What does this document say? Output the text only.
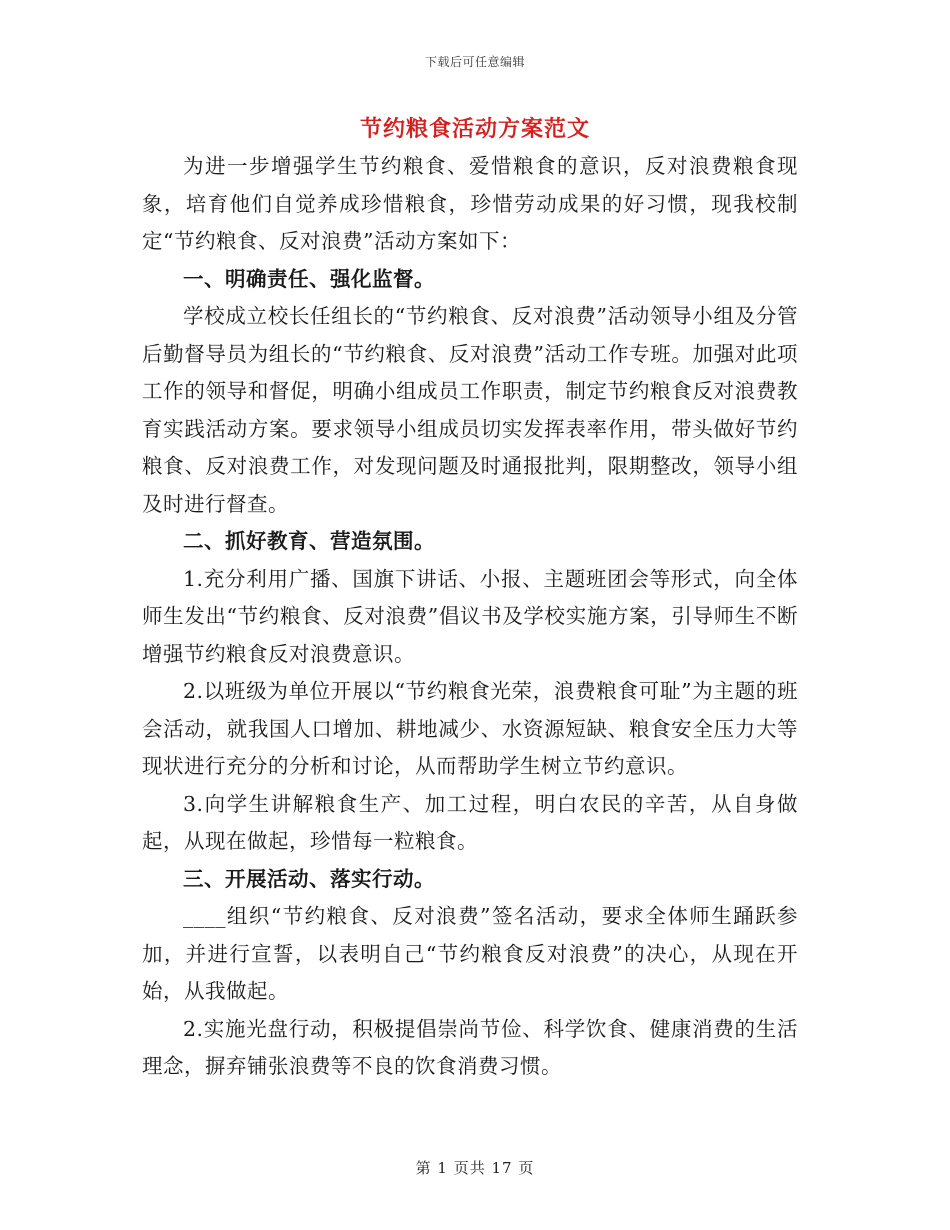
下载后可任意编辑
节约粮食活动方案范文

为进一步增强学生节约粮食、爱惜粮食的意识，反对浪费粮食现象，培育他们自觉养成珍惜粮食，珍惜劳动成果的好习惯，现我校制定“节约粮食、反对浪费”活动方案如下：

一、明确责任、强化监督。

学校成立校长任组长的“节约粮食、反对浪费”活动领导小组及分管后勤督导员为组长的“节约粮食、反对浪费”活动工作专班。加强对此项工作的领导和督促，明确小组成员工作职责，制定节约粮食反对浪费教育实践活动方案。要求领导小组成员切实发挥表率作用，带头做好节约粮食、反对浪费工作，对发现问题及时通报批判，限期整改，领导小组及时进行督查。

二、抓好教育、营造氛围。

1.充分利用广播、国旗下讲话、小报、主题班团会等形式，向全体师生发出“节约粮食、反对浪费”倡议书及学校实施方案，引导师生不断增强节约粮食反对浪费意识。

2.以班级为单位开展以“节约粮食光荣，浪费粮食可耻”为主题的班会活动，就我国人口增加、耕地减少、水资源短缺、粮食安全压力大等现状进行充分的分析和讨论，从而帮助学生树立节约意识。

3.向学生讲解粮食生产、加工过程，明白农民的辛苦，从自身做起，从现在做起，珍惜每一粒粮食。

三、开展活动、落实行动。

____组织“节约粮食、反对浪费”签名活动，要求全体师生踊跃参加，并进行宣誓，以表明自己“节约粮食反对浪费”的决心，从现在开始，从我做起。

2.实施光盘行动，积极提倡崇尚节俭、科学饮食、健康消费的生活理念，摒弃铺张浪费等不良的饮食消费习惯。

第 1 页共 17 页
